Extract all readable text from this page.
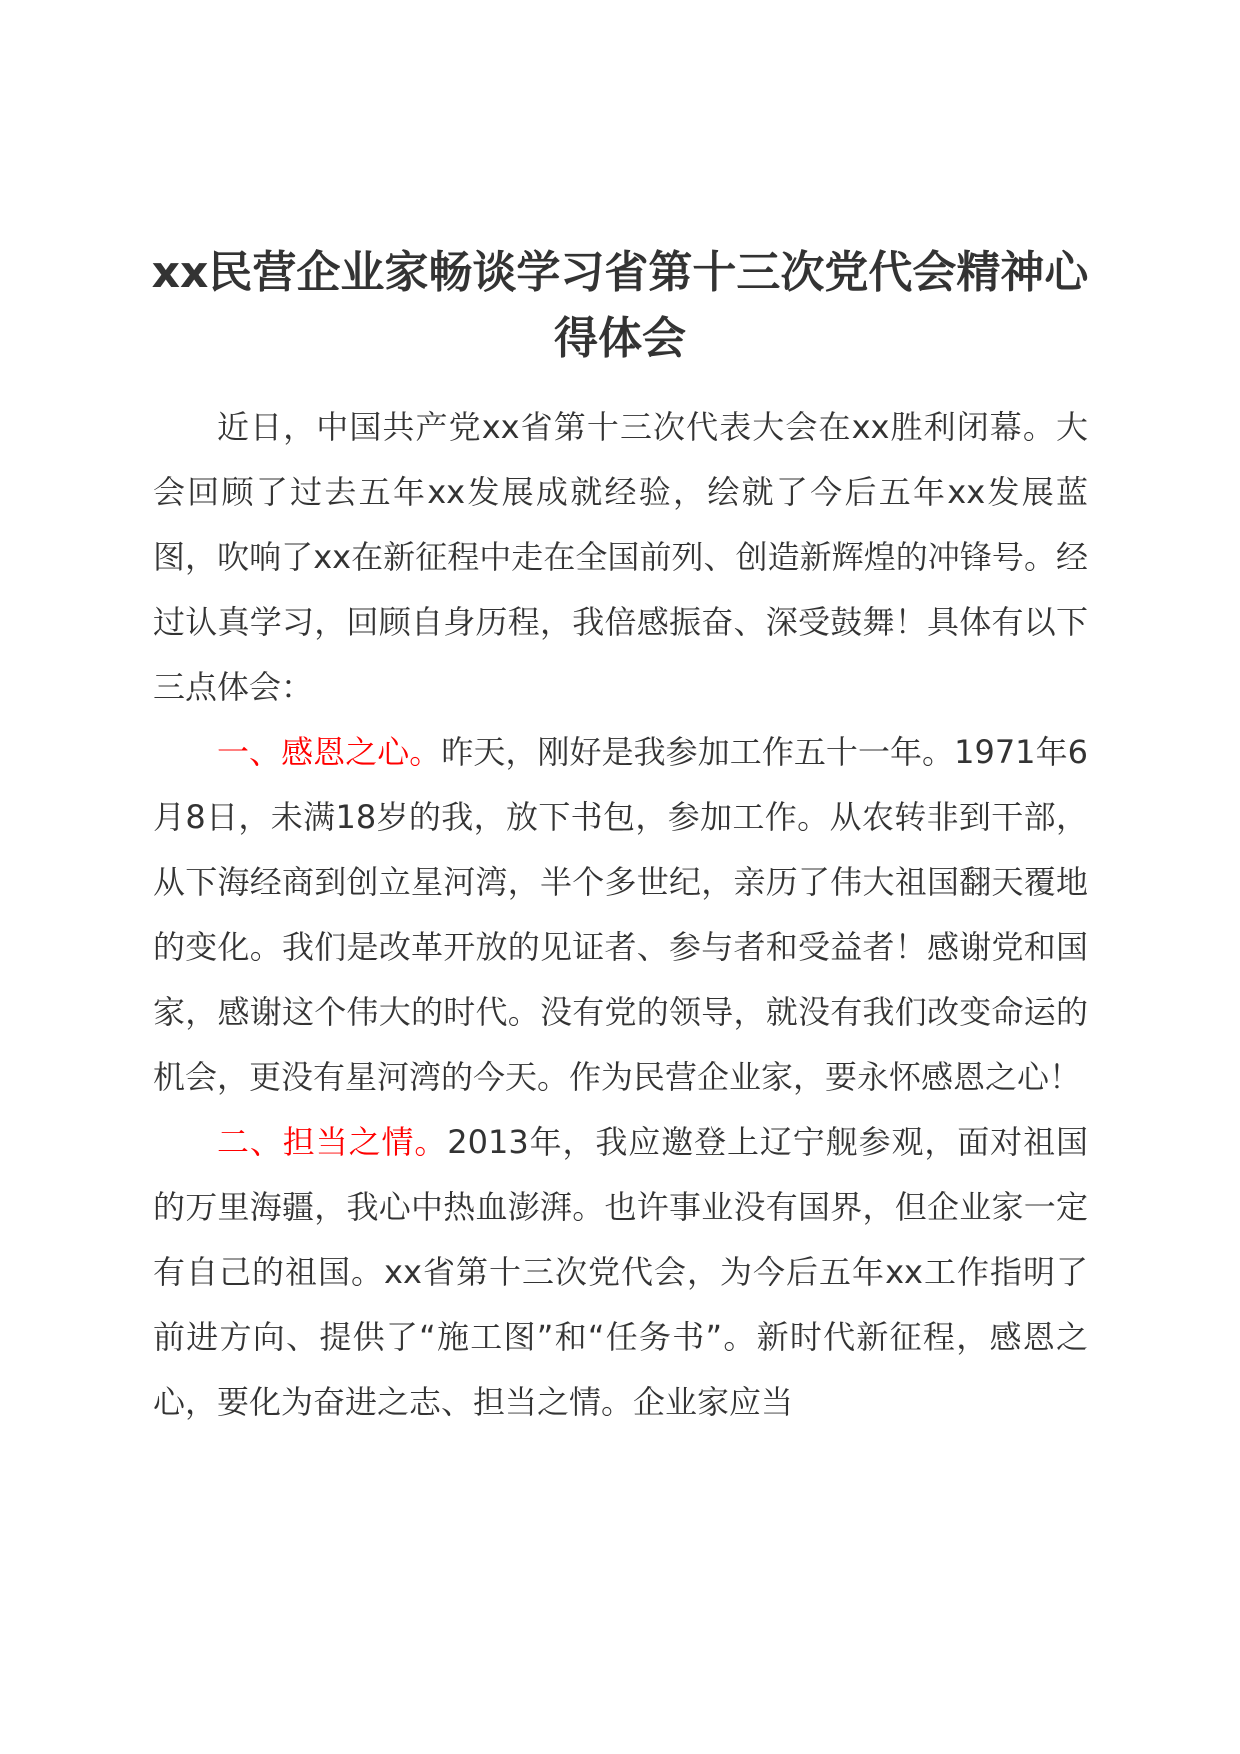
xx民营企业家畅谈学习省第十三次党代会精神心得体会

近日，中国共产党xx省第十三次代表大会在xx胜利闭幕。大会回顾了过去五年xx发展成就经验，绘就了今后五年xx发展蓝图，吹响了xx在新征程中走在全国前列、创造新辉煌的冲锋号。经过认真学习，回顾自身历程，我倍感振奋、深受鼓舞！具体有以下三点体会：

一、感恩之心。昨天，刚好是我参加工作五十一年。1971年6月8日，未满18岁的我，放下书包，参加工作。从农转非到干部，从下海经商到创立星河湾，半个多世纪，亲历了伟大祖国翻天覆地的变化。我们是改革开放的见证者、参与者和受益者！感谢党和国家，感谢这个伟大的时代。没有党的领导，就没有我们改变命运的机会，更没有星河湾的今天。作为民营企业家，要永怀感恩之心！

二、担当之情。2013年，我应邀登上辽宁舰参观，面对祖国的万里海疆，我心中热血澎湃。也许事业没有国界，但企业家一定有自己的祖国。xx省第十三次党代会，为今后五年xx工作指明了前进方向、提供了“施工图”和“任务书”。新时代新征程，感恩之心，要化为奋进之志、担当之情。企业家应当
